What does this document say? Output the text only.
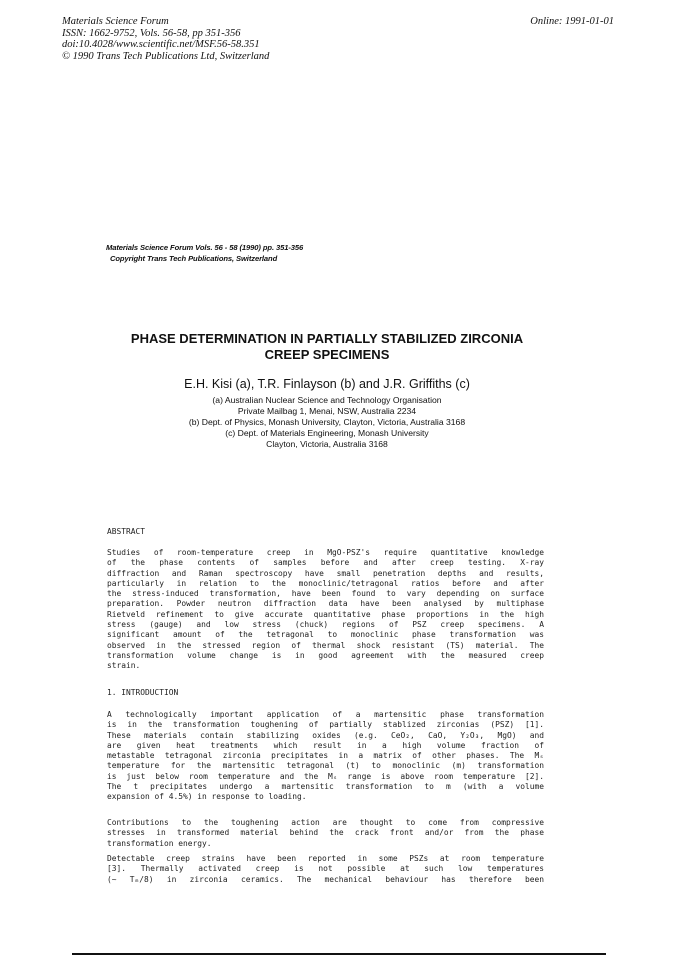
Materials Science Forum
ISSN: 1662-9752, Vols. 56-58, pp 351-356
doi:10.4028/www.scientific.net/MSF.56-58.351
© 1990 Trans Tech Publications Ltd, Switzerland
Online: 1991-01-01
Materials Science Forum Vols. 56 - 58 (1990) pp. 351-356
Copyright Trans Tech Publications, Switzerland
PHASE DETERMINATION IN PARTIALLY STABILIZED ZIRCONIA
CREEP SPECIMENS
E.H. Kisi (a), T.R. Finlayson (b) and J.R. Griffiths (c)
(a) Australian Nuclear Science and Technology Organisation
Private Mailbag 1, Menai, NSW, Australia 2234
(b) Dept. of Physics, Monash University, Clayton, Victoria, Australia 3168
(c) Dept. of Materials Engineering, Monash University
Clayton, Victoria, Australia 3168
ABSTRACT
Studies of room-temperature creep in MgO-PSZ's require quantitative knowledge
of the phase contents of samples before and after creep testing. X-ray
diffraction and Raman spectroscopy have small penetration depths and results,
particularly in relation to the monoclinic/tetragonal ratios before and after
the stress-induced transformation, have been found to vary depending on surface
preparation. Powder neutron diffraction data have been analysed by multiphase
Rietveld refinement to give accurate quantitative phase proportions in the high
stress (gauge) and low stress (chuck) regions of PSZ creep specimens. A
significant amount of the tetragonal to monoclinic phase transformation was
observed in the stressed region of thermal shock resistant (TS) material. The
transformation volume change is in good agreement with the measured creep
strain.
1. INTRODUCTION
A technologically important application of a martensitic phase transformation
is in the transformation toughening of partially stablized zirconias (PSZ) [1].
These materials contain stabilizing oxides (e.g. CeO₂, CaO, Y₂O₃, MgO) and
are given heat treatments which result in a high volume fraction of
metastable tetragonal zirconia precipitates in a matrix of other phases. The Mₛ
temperature for the martensitic tetragonal (t) to monoclinic (m) transformation
is just below room temperature and the Mₛ range is above room temperature [2].
The t precipitates undergo a martensitic transformation to m (with a volume
expansion of 4.5%) in response to loading.
Contributions to the toughening action are thought to come from compressive
stresses in transformed material behind the crack front and/or from the phase
transformation energy.
Detectable creep strains have been reported in some PSZs at room temperature
[3]. Thermally activated creep is not possible at such low temperatures
(~ Tₘ/8) in zirconia ceramics. The mechanical behaviour has therefore been
